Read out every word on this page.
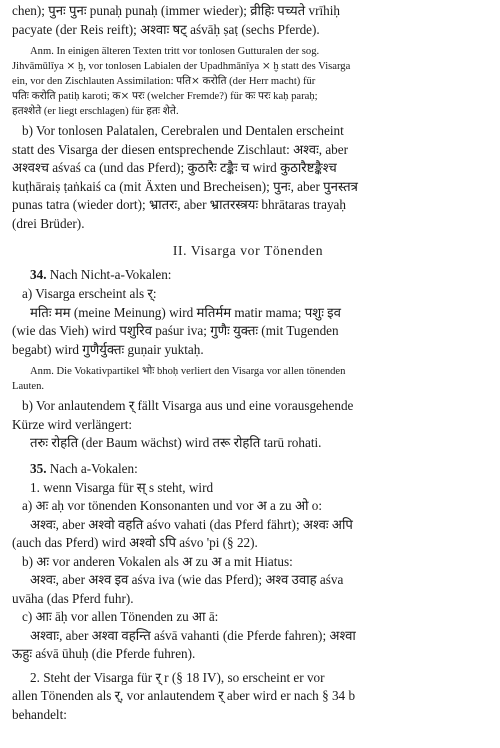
chen); पुनः पुनः punaḥ punaḥ (immer wieder); व्रीहिः पच्यते vrīhiḥ

pacyate (der Reis reift); अश्वाः षट् aśvāḥ ṣaṭ (sechs Pferde).

Anm. In einigen älteren Texten tritt vor tonlosen Gutturalen der sog.
Jihvāmūlīya ⨯ ḫ, vor tonlosen Labialen der Upadhmānīya ⨯ ḫ statt des Visarga
ein, vor den Zischlauten Assimilation: पति⨯ करोति (der Herr macht) für
पतिः करोति patiḥ karoti; क⨯ परः (welcher Fremde?) für कः परः kaḥ paraḥ;
हतश्शेते (er liegt erschlagen) für हतः शेते.

b) Vor tonlosen Palatalen, Cerebralen und Dentalen erscheint

statt des Visarga der diesen entsprechende Zischlaut: अश्वः, aber

अश्वश्च aśvaś ca (und das Pferd); कुठारैः टङ्कैः च wird कुठारैष्टङ्कैश्च

kuṭhāraiṣ ṭaṅkaiś ca (mit Äxten und Brecheisen); पुनः, aber पुनस्तत्र

punas tatra (wieder dort); भ्रातरः, aber भ्रातरस्त्रयः bhrātaras trayaḥ

(drei Brüder).

II. Visarga vor Tönenden
34. Nach Nicht-a-Vokalen:

a) Visarga erscheint als र्:

मतिः मम (meine Meinung) wird मतिर्मम matir mama; पशुः इव

(wie das Vieh) wird पशुरिव paśur iva; गुणैः युक्तः (mit Tugenden

begabt) wird गुणैर्युक्तः guṇair yuktaḥ.

Anm. Die Vokativpartikel भोः bhoḥ verliert den Visarga vor allen tönenden
Lauten.

b) Vor anlautendem र् fällt Visarga aus und eine vorausgehende

Kürze wird verlängert:

तरुः रोहति (der Baum wächst) wird तरू रोहति tarū rohati.

35. Nach a-Vokalen:

1. wenn Visarga für स् s steht, wird

a) अः aḥ vor tönenden Konsonanten und vor अ a zu ओ o:

अश्वः, aber अश्वो वहति aśvo vahati (das Pferd fährt); अश्वः अपि

(auch das Pferd) wird अश्वो ऽपि aśvo 'pi (§ 22).

b) अः vor anderen Vokalen als अ zu अ a mit Hiatus:

अश्वः, aber अश्व इव aśva iva (wie das Pferd); अश्व उवाह aśva

uvāha (das Pferd fuhr).

c) आः āḥ vor allen Tönenden zu आ ā:

अश्वाः, aber अश्वा वहन्ति aśvā vahanti (die Pferde fahren); अश्वा

ऊहुः aśvā ūhuḥ (die Pferde fuhren).

2. Steht der Visarga für र् r (§ 18 IV), so erscheint er vor

allen Tönenden als र्, vor anlautendem र् aber wird er nach § 34 b

behandelt:
